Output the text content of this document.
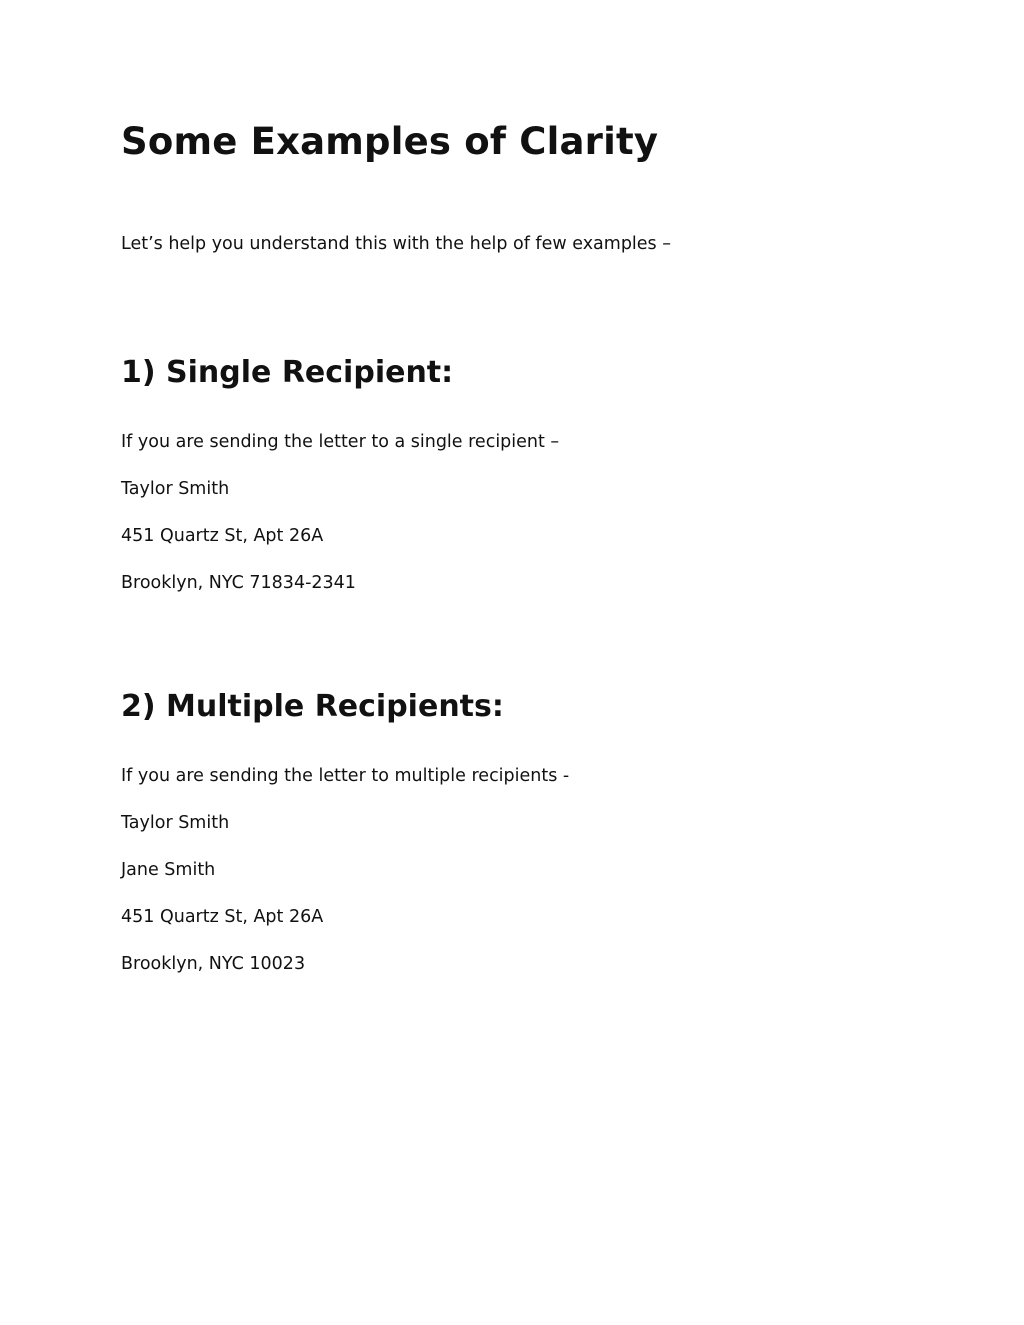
Some Examples of Clarity

Let’s help you understand this with the help of few examples –

1) Single Recipient:

If you are sending the letter to a single recipient –

Taylor Smith

451 Quartz St, Apt 26A

Brooklyn, NYC 71834-2341

2) Multiple Recipients:

If you are sending the letter to multiple recipients -

Taylor Smith

Jane Smith

451 Quartz St, Apt 26A

Brooklyn, NYC 10023
